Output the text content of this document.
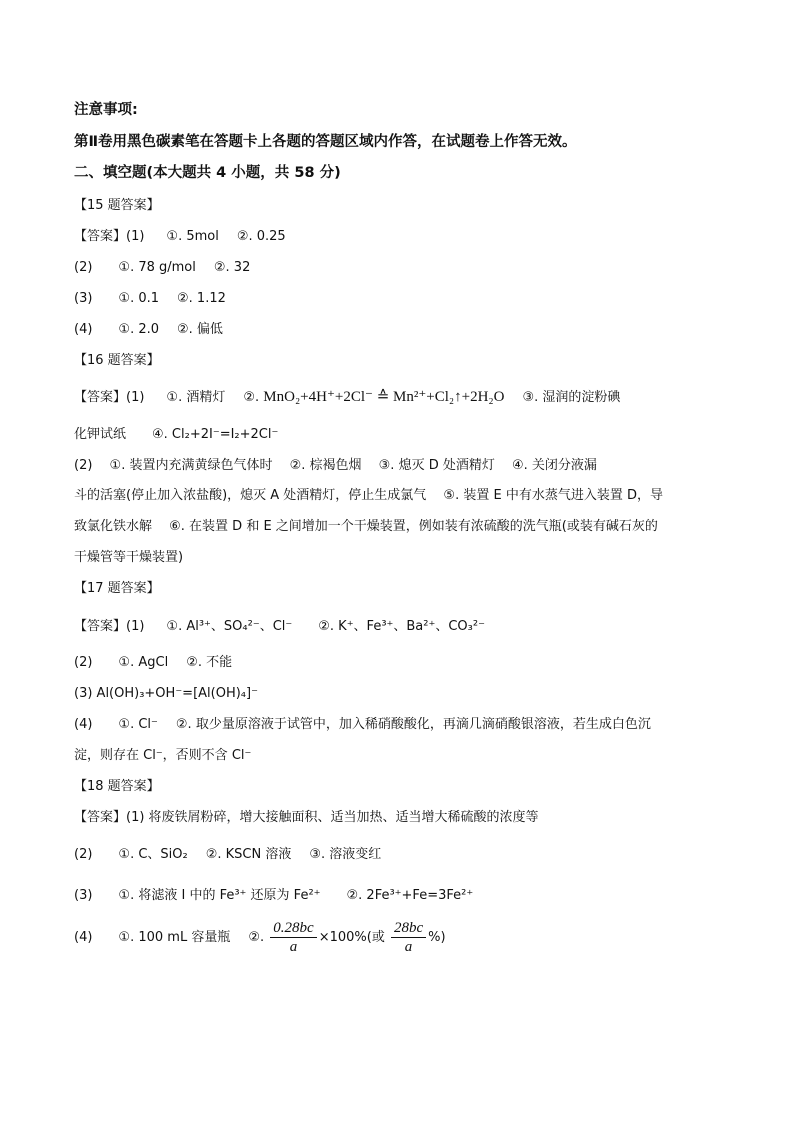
注意事项:
第Ⅱ卷用黑色碳素笔在答题卡上各题的答题区域内作答，在试题卷上作答无效。
二、填空题(本大题共 4 小题，共 58 分)
【15 题答案】
【答案】(1) ①. 5mol ②. 0.25
(2) ①. 78 g/mol ②. 32
(3) ①. 0.1 ②. 1.12
(4) ①. 2.0 ②. 偏低
【16 题答案】
【答案】(1) ①. 酒精灯 ②. MnO₂+4H⁺+2Cl⁻ ≙ Mn²⁺+Cl₂↑+2H₂O ③. 湿润的淀粉碘
化钾试纸 ④. Cl₂+2I⁻=I₂+2Cl⁻
(2)　 ①. 装置内充满黄绿色气体时　 ②. 棕褐色烟　 ③. 熄灭 D 处酒精灯　 ④. 关闭分液漏
斗的活塞(停止加入浓盐酸)，熄灭 A 处酒精灯，停止生成氯气　 ⑤. 装置 E 中有水蒸气进入装置 D，导
致氯化铁水解　 ⑥. 在装置 D 和 E 之间增加一个干燥装置，例如装有浓硫酸的洗气瓶(或装有碱石灰的
干燥管等干燥装置)
【17 题答案】
【答案】(1) ①. Al³⁺、SO₄²⁻、Cl⁻ ②. K⁺、Fe³⁺、Ba²⁺、CO₃²⁻
(2) ①. AgCl ②. 不能
(3) Al(OH)₃+OH⁻=[Al(OH)₄]⁻
(4) ①. Cl⁻ ②. 取少量原溶液于试管中，加入稀硝酸酸化，再滴几滴硝酸银溶液，若生成白色沉
淀，则存在 Cl⁻，否则不含 Cl⁻
【18 题答案】
【答案】(1) 将废铁屑粉碎，增大接触面积、适当加热、适当增大稀硫酸的浓度等
(2) ①. C、SiO₂ ②. KSCN 溶液 ③. 溶液变红
(3) ①. 将滤液 I 中的 Fe³⁺ 还原为 Fe²⁺ ②. 2Fe³⁺+Fe=3Fe²⁺
(4) ①. 100 mL 容量瓶 ②. $\frac{0.28bc}{a} \times 100\%$(或 $\frac{28bc}{a}$ %)
